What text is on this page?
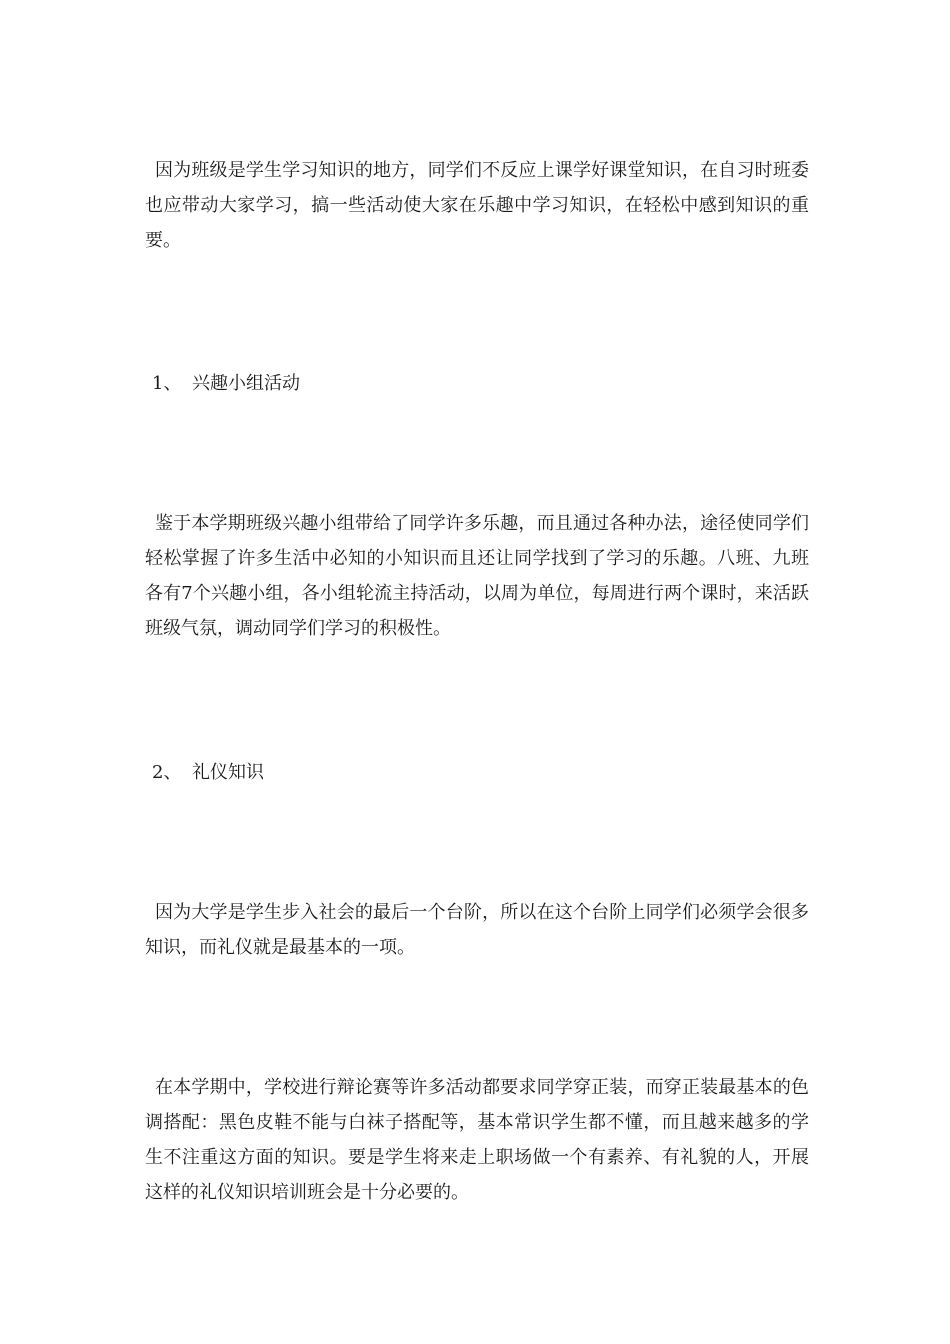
因为班级是学生学习知识的地方，同学们不反应上课学好课堂知识，在自习时班委也应带动大家学习，搞一些活动使大家在乐趣中学习知识，在轻松中感到知识的重要。

1、 兴趣小组活动

鉴于本学期班级兴趣小组带给了同学许多乐趣，而且通过各种办法，途径使同学们轻松掌握了许多生活中必知的小知识而且还让同学找到了学习的乐趣。八班、九班各有7个兴趣小组，各小组轮流主持活动，以周为单位，每周进行两个课时，来活跃班级气氛，调动同学们学习的积极性。

2、 礼仪知识

因为大学是学生步入社会的最后一个台阶，所以在这个台阶上同学们必须学会很多知识，而礼仪就是最基本的一项。

在本学期中，学校进行辩论赛等许多活动都要求同学穿正装，而穿正装最基本的色调搭配：黑色皮鞋不能与白袜子搭配等，基本常识学生都不懂，而且越来越多的学生不注重这方面的知识。要是学生将来走上职场做一个有素养、有礼貌的人，开展这样的礼仪知识培训班会是十分必要的。
